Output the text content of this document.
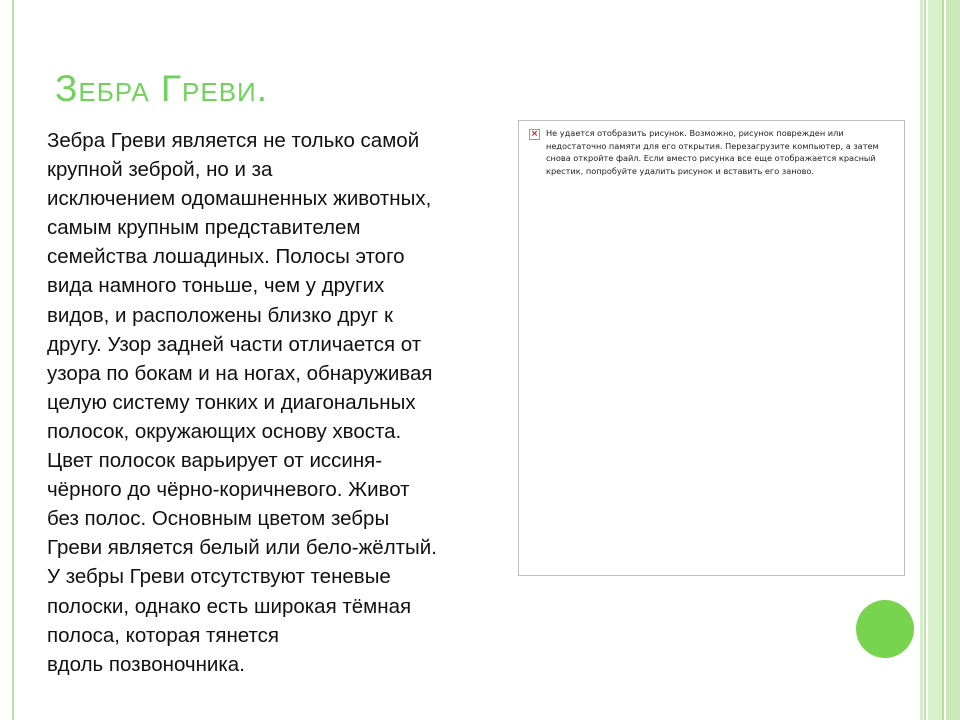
Зебра Греви.
Зебра Греви является не только самой
крупной зеброй, но и за
исключением одомашненных животных,
самым крупным представителем
семейства лошадиных. Полосы этого
вида намного тоньше, чем у других
видов, и расположены близко друг к
другу. Узор задней части отличается от
узора по бокам и на ногах, обнаруживая
целую систему тонких и диагональных
полосок, окружающих основу хвоста.
Цвет полосок варьирует от иссиня-
чёрного до чёрно-коричневого. Живот
без полос. Основным цветом зебры
Греви является белый или бело-жёлтый.
У зебры Греви отсутствуют теневые
полоски, однако есть широкая тёмная
полоса, которая тянется
вдоль позвоночника.
× Не удается отобразить рисунок. Возможно, рисунок поврежден или недостаточно памяти для его открытия. Перезагрузите компьютер, а затем снова откройте файл. Если вместо рисунка все еще отображается красный крестик, попробуйте удалить рисунок и вставить его заново.
